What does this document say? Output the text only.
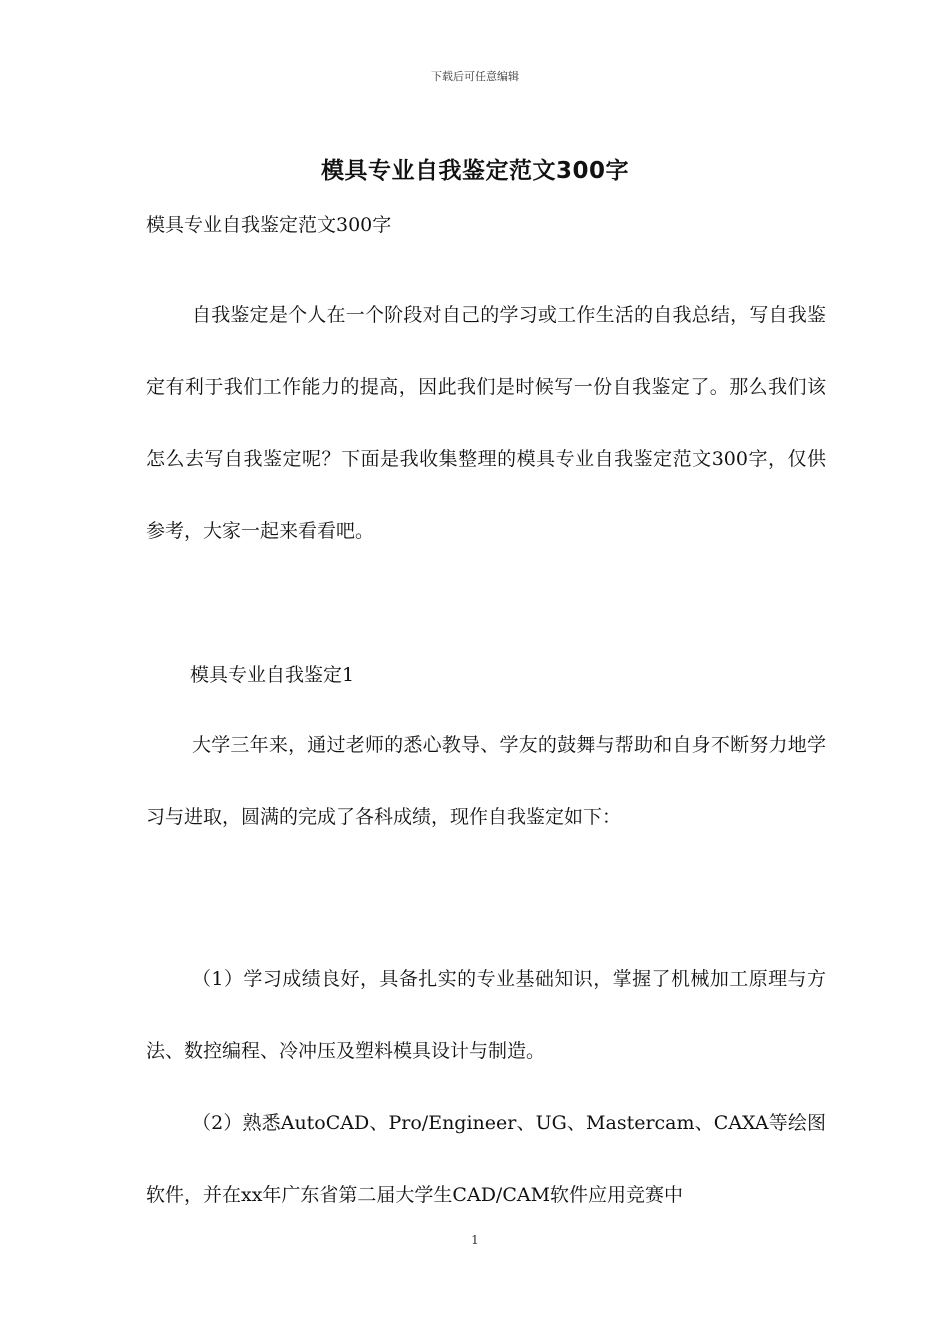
下载后可任意编辑
模具专业自我鉴定范文300字
模具专业自我鉴定范文300字

自我鉴定是个人在一个阶段对自己的学习或工作生活的自我总结，写自我鉴定有利于我们工作能力的提高，因此我们是时候写一份自我鉴定了。那么我们该怎么去写自我鉴定呢？下面是我收集整理的模具专业自我鉴定范文300字，仅供参考，大家一起来看看吧。

模具专业自我鉴定1

大学三年来，通过老师的悉心教导、学友的鼓舞与帮助和自身不断努力地学习与进取，圆满的完成了各科成绩，现作自我鉴定如下：

（1）学习成绩良好，具备扎实的专业基础知识，掌握了机械加工原理与方法、数控编程、冷冲压及塑料模具设计与制造。

（2）熟悉AutoCAD、Pro/Engineer、UG、Mastercam、CAXA等绘图软件，并在xx年广东省第二届大学生CAD/CAM软件应用竞赛中

1
